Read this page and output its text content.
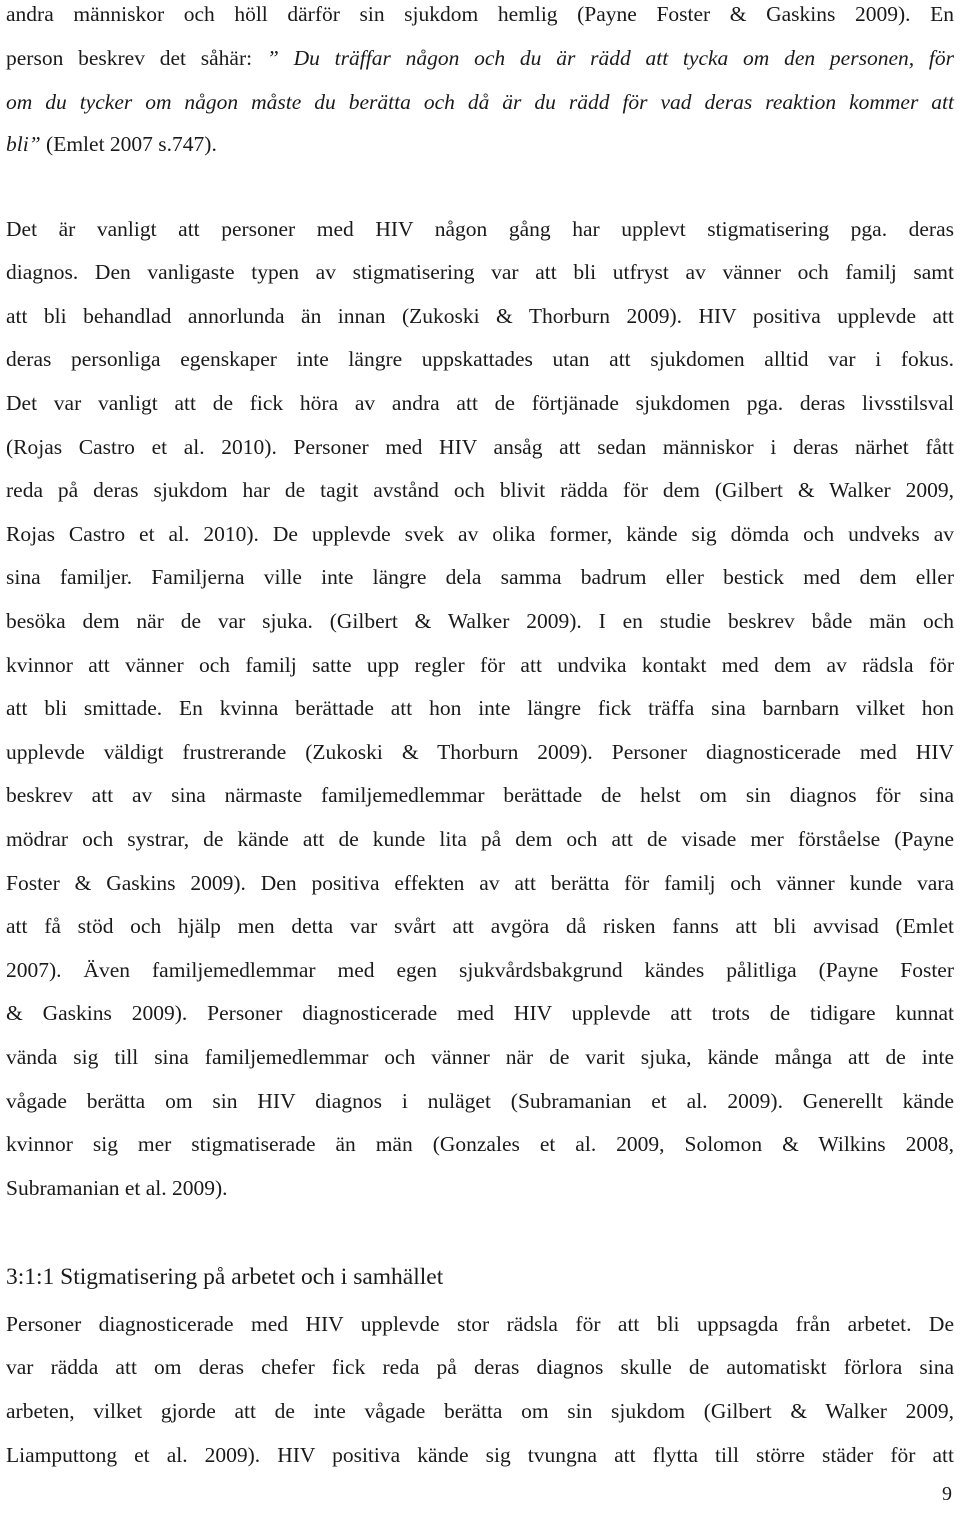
andra människor och höll därför sin sjukdom hemlig (Payne Foster & Gaskins 2009). En
person beskrev det såhär: ” Du träffar någon och du är rädd att tycka om den personen, för
om du tycker om någon måste du berätta och då är du rädd för vad deras reaktion kommer att
bli” (Emlet 2007 s.747).
Det är vanligt att personer med HIV någon gång har upplevt stigmatisering pga. deras
diagnos. Den vanligaste typen av stigmatisering var att bli utfryst av vänner och familj samt
att bli behandlad annorlunda än innan (Zukoski & Thorburn 2009). HIV positiva upplevde att
deras personliga egenskaper inte längre uppskattades utan att sjukdomen alltid var i fokus.
Det var vanligt att de fick höra av andra att de förtjänade sjukdomen pga. deras livsstilsval
(Rojas Castro et al. 2010). Personer med HIV ansåg att sedan människor i deras närhet fått
reda på deras sjukdom har de tagit avstånd och blivit rädda för dem (Gilbert & Walker 2009,
Rojas Castro et al. 2010). De upplevde svek av olika former, kände sig dömda och undveks av
sina familjer. Familjerna ville inte längre dela samma badrum eller bestick med dem eller
besöka dem när de var sjuka. (Gilbert & Walker 2009). I en studie beskrev både män och
kvinnor att vänner och familj satte upp regler för att undvika kontakt med dem av rädsla för
att bli smittade. En kvinna berättade att hon inte längre fick träffa sina barnbarn vilket hon
upplevde väldigt frustrerande (Zukoski & Thorburn 2009). Personer diagnosticerade med HIV
beskrev att av sina närmaste familjemedlemmar berättade de helst om sin diagnos för sina
mödrar och systrar, de kände att de kunde lita på dem och att de visade mer förståelse (Payne
Foster & Gaskins 2009). Den positiva effekten av att berätta för familj och vänner kunde vara
att få stöd och hjälp men detta var svårt att avgöra då risken fanns att bli avvisad (Emlet
2007). Även familjemedlemmar med egen sjukvårdsbakgrund kändes pålitliga (Payne Foster
& Gaskins 2009). Personer diagnosticerade med HIV upplevde att trots de tidigare kunnat
vända sig till sina familjemedlemmar och vänner när de varit sjuka, kände många att de inte
vågade berätta om sin HIV diagnos i nuläget (Subramanian et al. 2009). Generellt kände
kvinnor sig mer stigmatiserade än män (Gonzales et al. 2009, Solomon & Wilkins 2008,
Subramanian et al. 2009).
3:1:1 Stigmatisering på arbetet och i samhället
Personer diagnosticerade med HIV upplevde stor rädsla för att bli uppsagda från arbetet. De
var rädda att om deras chefer fick reda på deras diagnos skulle de automatiskt förlora sina
arbeten, vilket gjorde att de inte vågade berätta om sin sjukdom (Gilbert & Walker 2009,
Liamputtong et al. 2009). HIV positiva kände sig tvungna att flytta till större städer för att
9
